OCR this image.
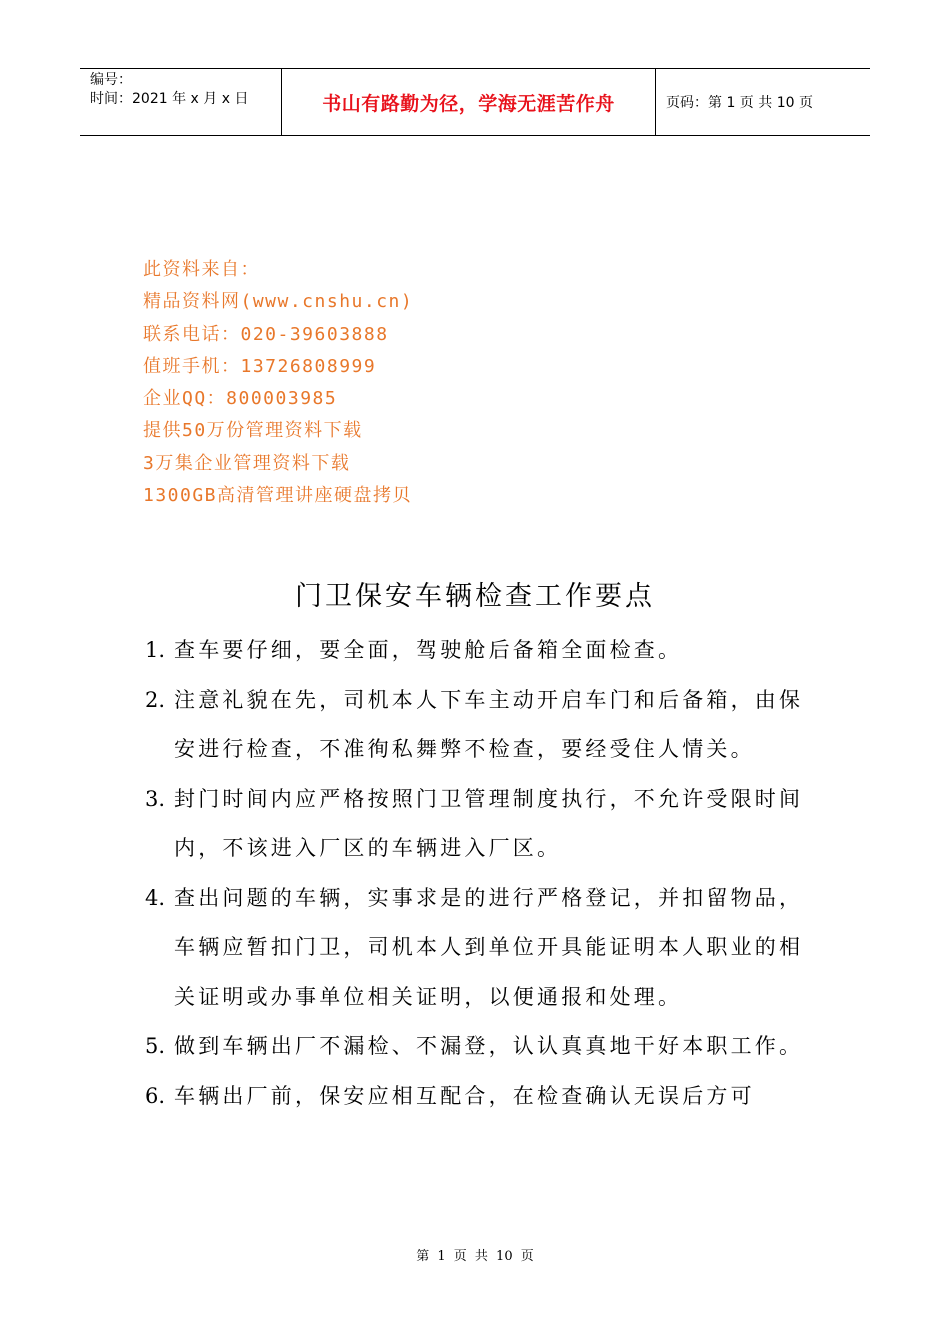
编号：
时间：2021 年 x 月 x 日	书山有路勤为径，学海无涯苦作舟	页码：第 1 页 共 10 页
此资料来自：
精品资料网(www.cnshu.cn)
联系电话：020-39603888
值班手机：13726808999
企业QQ：800003985
提供50万份管理资料下载
3万集企业管理资料下载
1300GB高清管理讲座硬盘拷贝
门卫保安车辆检查工作要点
1. 查车要仔细，要全面，驾驶舱后备箱全面检查。
2. 注意礼貌在先，司机本人下车主动开启车门和后备箱，由保安进行检查，不准徇私舞弊不检查，要经受住人情关。
3. 封门时间内应严格按照门卫管理制度执行，不允许受限时间内，不该进入厂区的车辆进入厂区。
4. 查出问题的车辆，实事求是的进行严格登记，并扣留物品，车辆应暂扣门卫，司机本人到单位开具能证明本人职业的相关证明或办事单位相关证明，以便通报和处理。
5. 做到车辆出厂不漏检、不漏登，认认真真地干好本职工作。
6. 车辆出厂前，保安应相互配合，在检查确认无误后方可
第 1 页 共 10 页
